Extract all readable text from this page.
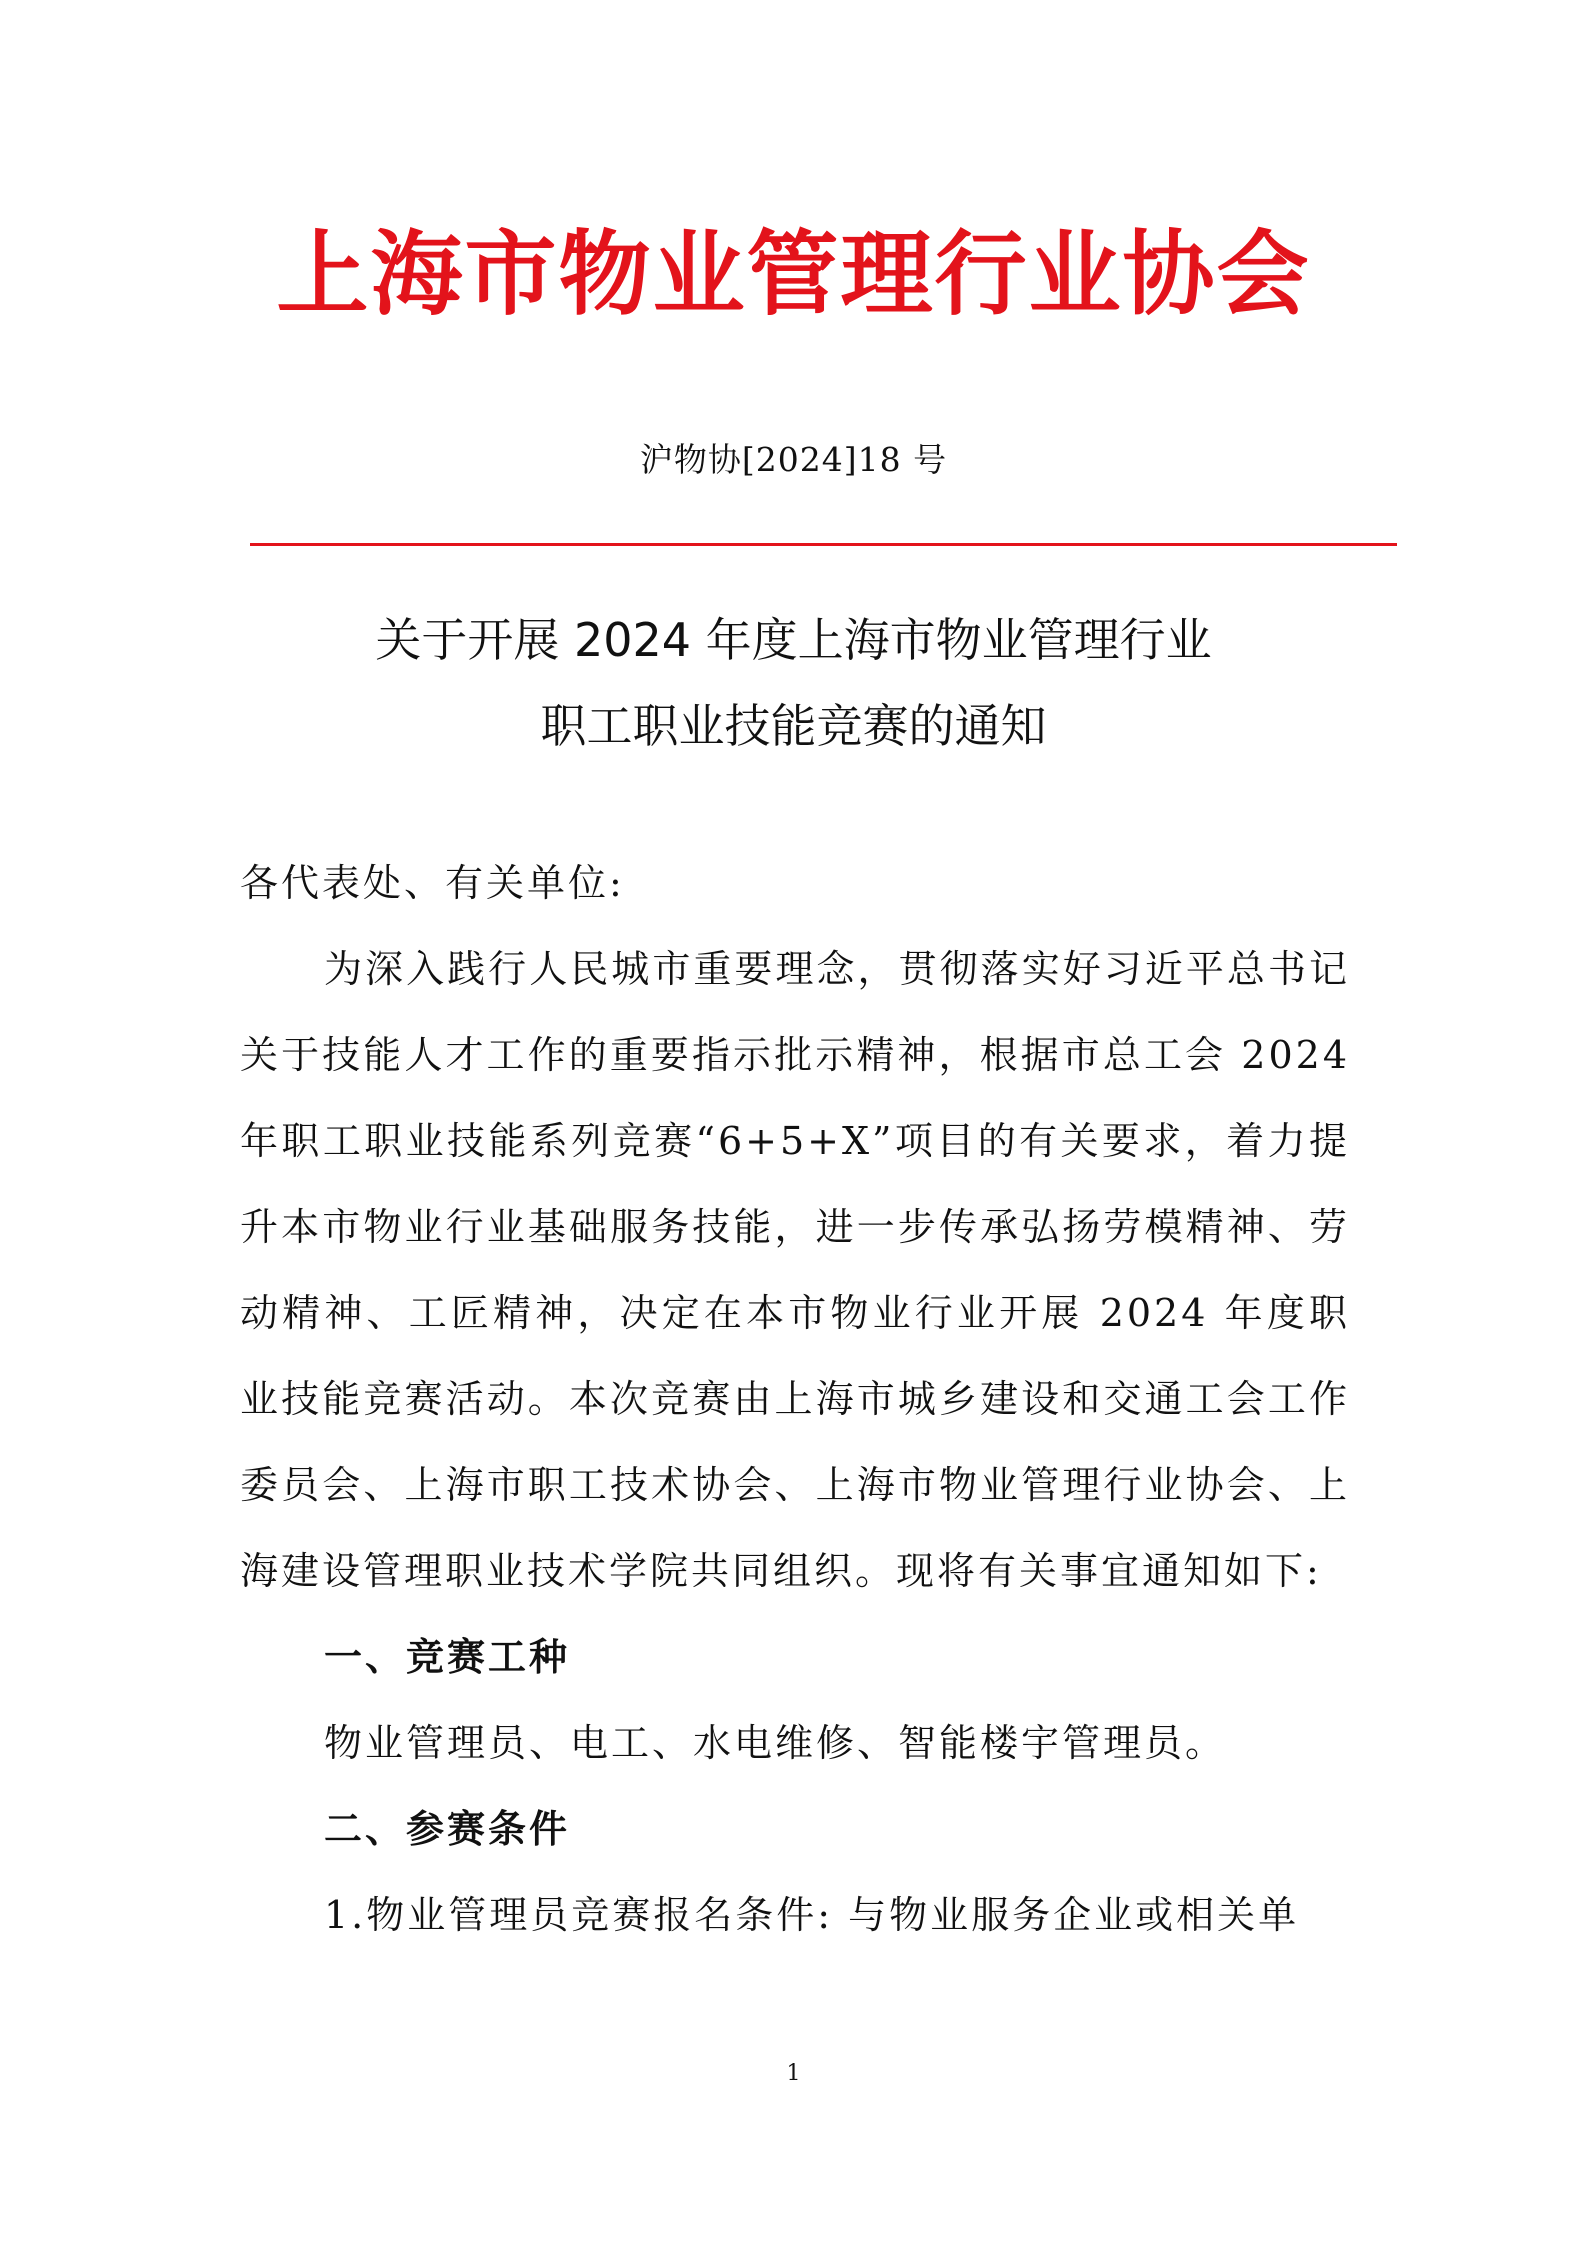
上海市物业管理行业协会
沪物协[2024]18 号
关于开展 2024 年度上海市物业管理行业
职工职业技能竞赛的通知

各代表处、有关单位:

为深入践行人民城市重要理念，贯彻落实好习近平总书记关于技能人才工作的重要指示批示精神，根据市总工会 2024 年职工职业技能系列竞赛“6+5+X”项目的有关要求，着力提升本市物业行业基础服务技能，进一步传承弘扬劳模精神、劳动精神、工匠精神，决定在本市物业行业开展 2024 年度职业技能竞赛活动。本次竞赛由上海市城乡建设和交通工会工作委员会、上海市职工技术协会、上海市物业管理行业协会、上海建设管理职业技术学院共同组织。现将有关事宜通知如下:

一、竞赛工种

物业管理员、电工、水电维修、智能楼宇管理员。

二、参赛条件

1.物业管理员竞赛报名条件: 与物业服务企业或相关单

1
